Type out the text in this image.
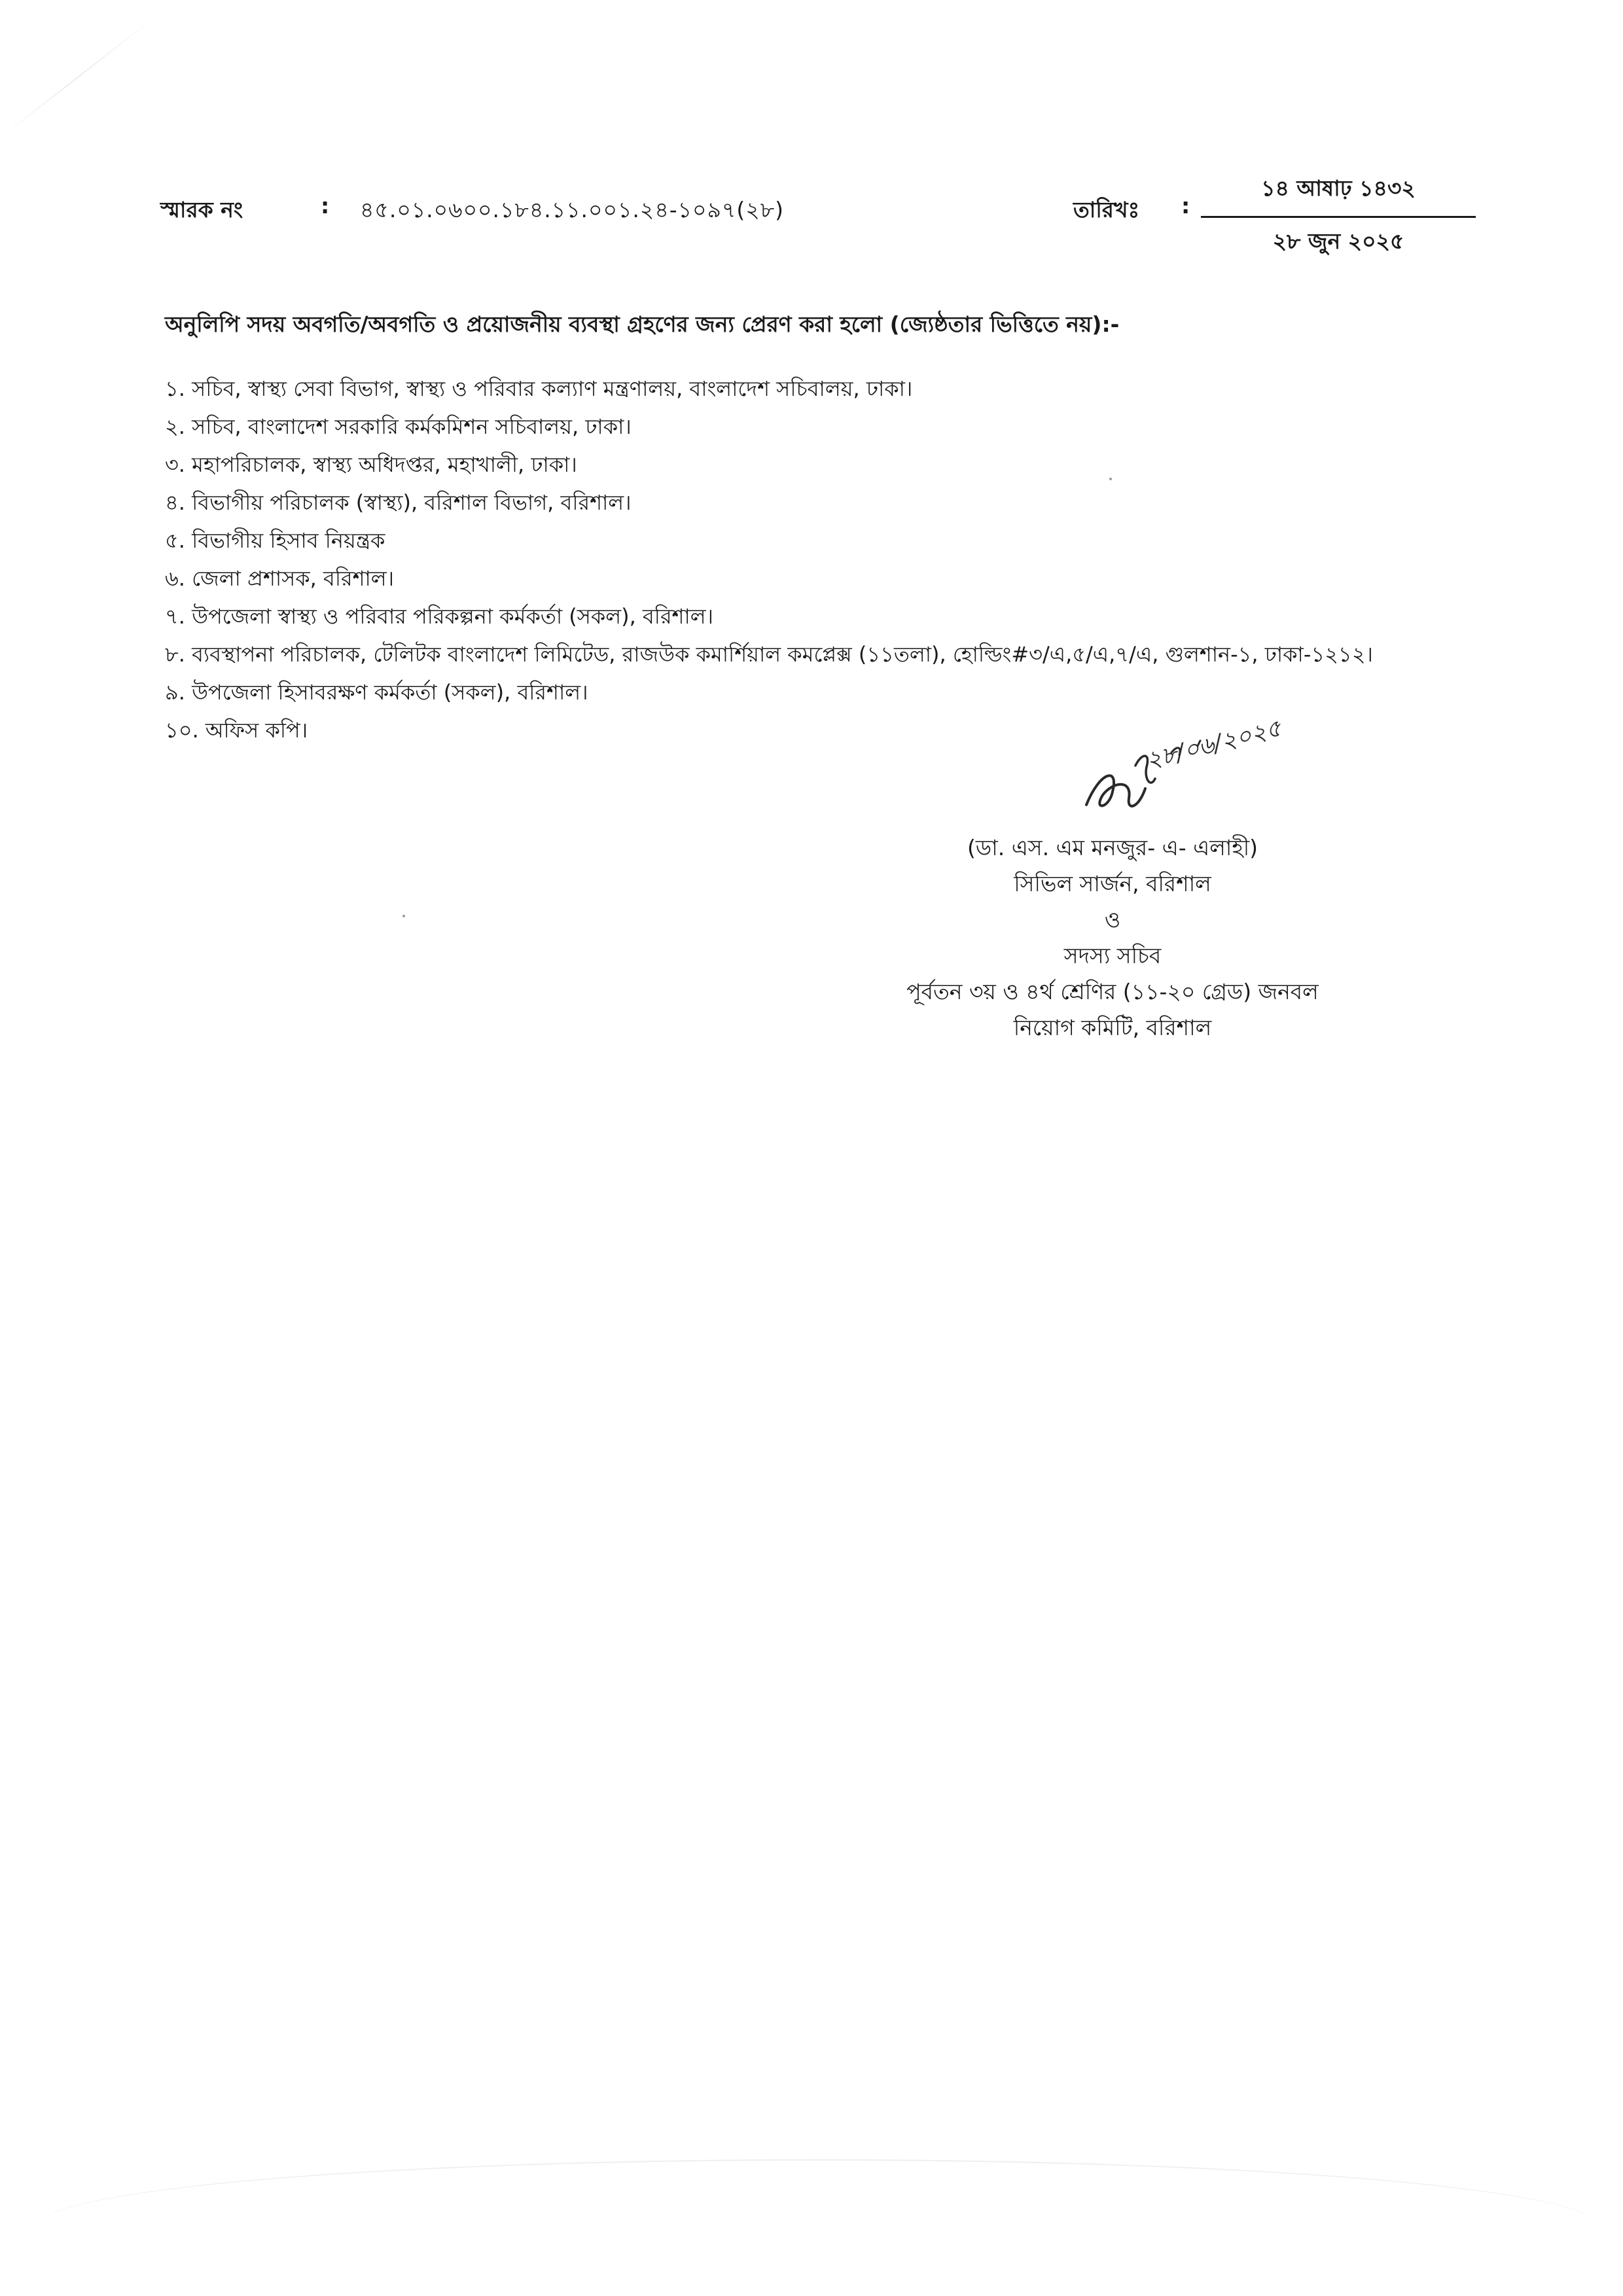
স্মারক নং	: ৪৫.০১.০৬০০.১৮৪.১১.০০১.২৪-১০৯৭(২৮)	তারিখঃ :
১৪ আষাঢ় ১৪৩২
২৮ জুন ২০২৫
অনুলিপি সদয় অবগতি/অবগতি ও প্রয়োজনীয় ব্যবস্থা গ্রহণের জন্য প্রেরণ করা হলো (জ্যেষ্ঠতার ভিত্তিতে নয়):-
১. সচিব, স্বাস্থ্য সেবা বিভাগ, স্বাস্থ্য ও পরিবার কল্যাণ মন্ত্রণালয়, বাংলাদেশ সচিবালয়, ঢাকা।
২. সচিব, বাংলাদেশ সরকারি কর্মকমিশন সচিবালয়, ঢাকা।
৩. মহাপরিচালক, স্বাস্থ্য অধিদপ্তর, মহাখালী, ঢাকা।
৪. বিভাগীয় পরিচালক (স্বাস্থ্য), বরিশাল বিভাগ, বরিশাল।
৫. বিভাগীয় হিসাব নিয়ন্ত্রক
৬. জেলা প্রশাসক, বরিশাল।
৭. উপজেলা স্বাস্থ্য ও পরিবার পরিকল্পনা কর্মকর্তা (সকল), বরিশাল।
৮. ব্যবস্থাপনা পরিচালক, টেলিটক বাংলাদেশ লিমিটেড, রাজউক কমার্শিয়াল কমপ্লেক্স (১১তলা), হোল্ডিং#৩/এ,৫/এ,৭/এ, গুলশান-১, ঢাকা-১২১২।
৯. উপজেলা হিসাবরক্ষণ কর্মকর্তা (সকল), বরিশাল।
১০. অফিস কপি।	২৮/০৬/২০২৫
(ডা. এস. এম মনজুর- এ- এলাহী)
সিভিল সার্জন, বরিশাল
ও
সদস্য সচিব
পূর্বতন ৩য় ও ৪র্থ শ্রেণির (১১-২০ গ্রেড) জনবল
নিয়োগ কমিটি, বরিশাল
